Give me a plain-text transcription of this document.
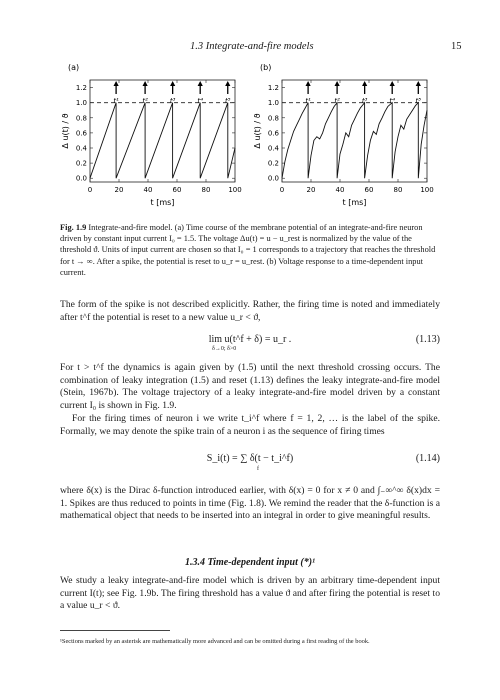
1.3 Integrate-and-fire models	15
(a)
0	20	40	60	80	100
t [ms]
0.0
0.2
0.4
0.6
0.8
1.0
1.2
Δ u(t) / ϑ
t¹	t²	t³	t⁴	t⁵
(b)
0	20	40	60	80	100
t [ms]
0.0
0.2
0.4
0.6
0.8
1.0
1.2
Δ u(t) / ϑ
t¹	t²	t³	t⁴	t⁵
Fig. 1.9 Integrate-and-fire model. (a) Time course of the membrane potential of an integrate-and-fire neuron driven by constant input current I₀ = 1.5. The voltage Δu(t) = u − u_rest is normalized by the value of the threshold ϑ. Units of input current are chosen so that I₀ = 1 corresponds to a trajectory that reaches the threshold for t → ∞. After a spike, the potential is reset to u_r = u_rest. (b) Voltage response to a time-dependent input current.

The form of the spike is not described explicitly. Rather, the firing time is noted and immediately after t^f the potential is reset to a new value u_r < ϑ,

lim u(t^f + δ) = u_r .
δ→0; δ>0
(1.13)

For t > t^f the dynamics is again given by (1.5) until the next threshold crossing occurs. The combination of leaky integration (1.5) and reset (1.13) defines the leaky integrate-and-fire model (Stein, 1967b). The voltage trajectory of a leaky integrate-and-fire model driven by a constant current I₀ is shown in Fig. 1.9.

For the firing times of neuron i we write t_i^f where f = 1, 2, … is the label of the spike. Formally, we may denote the spike train of a neuron i as the sequence of firing times

S_i(t) = ∑ δ(t − t_i^f)
f
(1.14)

where δ(x) is the Dirac δ-function introduced earlier, with δ(x) = 0 for x ≠ 0 and ∫₋∞^∞ δ(x)dx = 1. Spikes are thus reduced to points in time (Fig. 1.8). We remind the reader that the δ-function is a mathematical object that needs to be inserted into an integral in order to give meaningful results.

1.3.4 Time-dependent input (*)¹

We study a leaky integrate-and-fire model which is driven by an arbitrary time-dependent input current I(t); see Fig. 1.9b. The firing threshold has a value ϑ and after firing the potential is reset to a value u_r < ϑ.

¹Sections marked by an asterisk are mathematically more advanced and can be omitted during a first reading of the book.
